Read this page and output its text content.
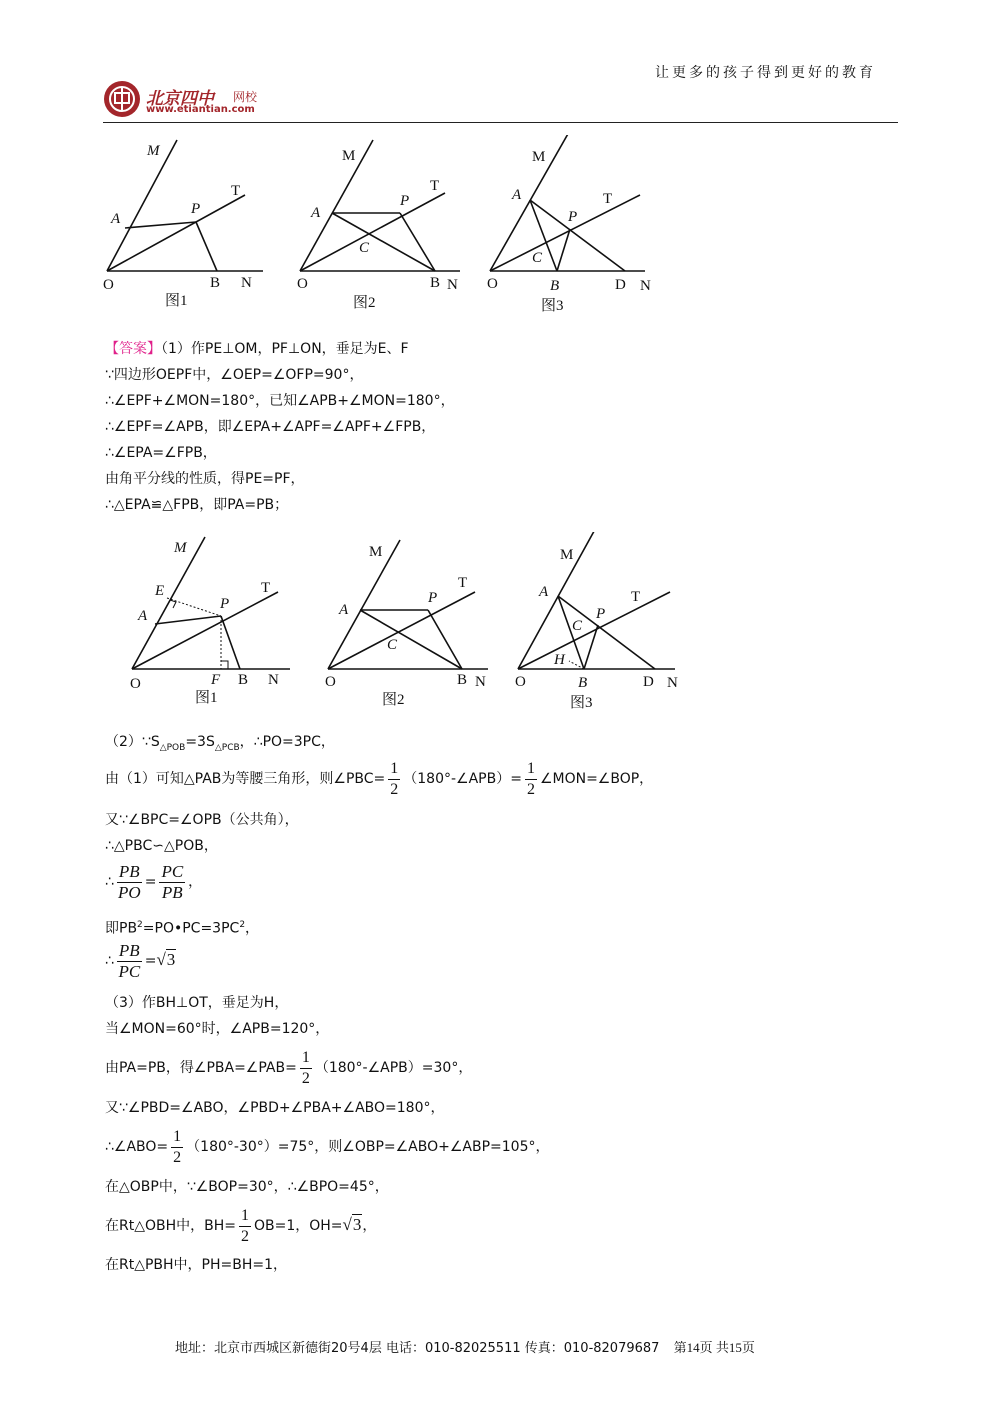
让更多的孩子得到更好的教育
北京四中 网校
www.etiantian.com
M
A
P
T
O	B N
图1
M
A
P
T
O
C
B N
图2
M
A
P
T
O
C
B	D N
图3
【答案】（1）作PE⊥OM，PF⊥ON，垂足为E、F
∵四边形OEPF中，∠OEP=∠OFP=90°，
∴∠EPF+∠MON=180°，已知∠APB+∠MON=180°，
∴∠EPF=∠APB，即∠EPA+∠APF=∠APF+∠FPB，
∴∠EPA=∠FPB，
由角平分线的性质，得PE=PF，
∴△EPA≌△FPB，即PA=PB；
M
E
A
P
T
O	F B N
图1
M
A
P
T
O
C
B N
图2
M
A
P
T
C
H
O	B	D N
图3
$(2)\because S_{\triangle POB}=3S_{\triangle PCB}$，∴PO=3PC，
由（1）可知△PAB为等腰三角形，则∠PBC= $\frac{1}{2}$ （180°-∠APB）= $\frac{1}{2}$ ∠MON=∠BOP，
又∵∠BPC=∠OPB（公共角），
∴△PBC∽△POB，
∴ $\frac{PB}{PO} = \frac{PC}{PB}$ ，
即$PB^2=PO•PC=3PC^2$，
∴ $\frac{PB}{PC} =√3$
（3）作BH⊥OT，垂足为H，
当∠MON=60°时，∠APB=120°，
由PA=PB，得∠PBA=∠PAB= $\frac{1}{2}$ （180°-∠APB）=30°，
又∵∠PBD=∠ABO，∠PBD+∠PBA+∠ABO=180°，
∴∠ABO= $\frac{1}{2} (180^\circ-30^\circ)=75^\circ$，则∠OBP=∠ABO+∠ABP=105°，
在△OBP中，∵∠BOP=30°，∴∠BPO=45°，
在Rt△OBH中，$BH= \frac{1}{2} OB=1$，OH=√3，
在Rt△PBH中，PH=BH=1，
地址：北京市西城区新德街20号4层 电话：010-82025511 传真：010-82079687 第14页 共15页
